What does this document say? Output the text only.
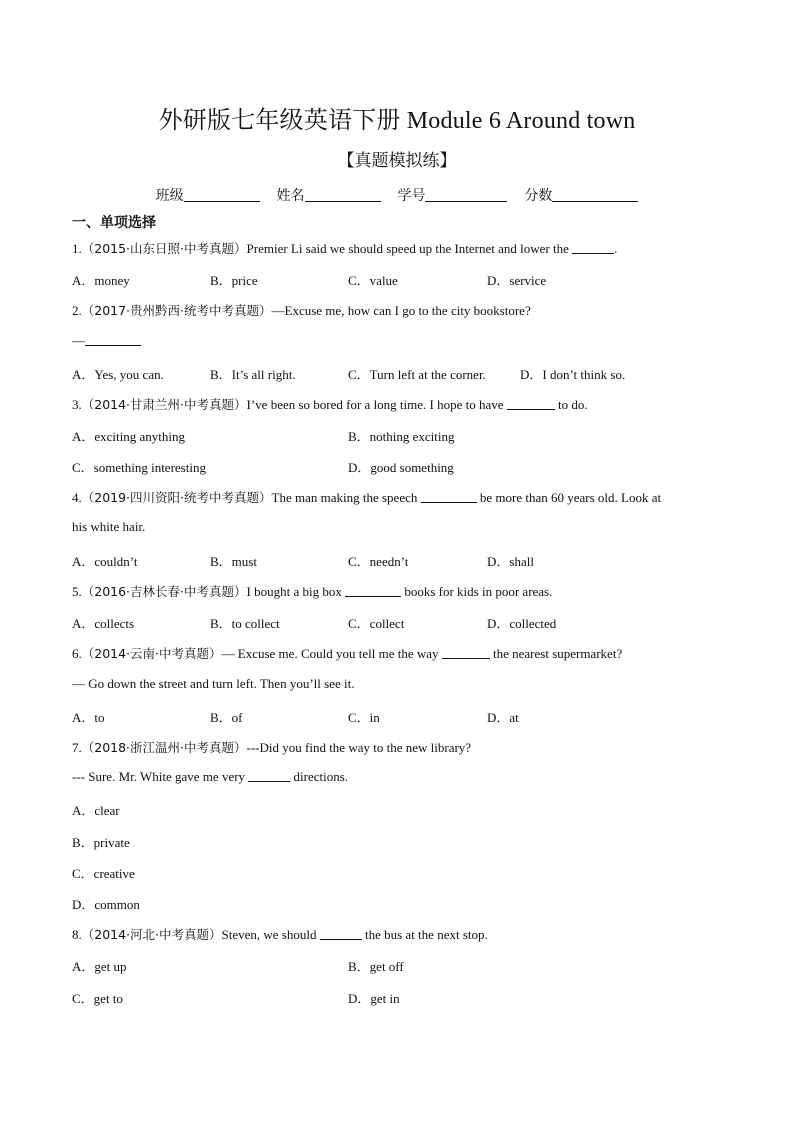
外研版七年级英语下册 Module 6 Around town
【真题模拟练】
班级	姓名	学号	分数
一、单项选择
1.（2015·山东日照·中考真题）Premier Li said we should speed up the Internet and lower the	.
A．money	B．price	C．value	D．service
2.（2017·贵州黔西·统考中考真题）—Excuse me, how can I go to the city bookstore?
—
A．Yes, you can.	B．It’s all right.	C．Turn left at the corner.	D．I don’t think so.
3.（2014·甘肃兰州·中考真题）I’ve been so bored for a long time. I hope to have	to do.
A．exciting anything	B．nothing exciting
C．something interesting	D．good something
4.（2019·四川资阳·统考中考真题）The man making the speech	be more than 60 years old. Look at
his white hair.
A．couldn’t	B．must	C．needn’t	D．shall
5.（2016·吉林长春·中考真题）I bought a big box	books for kids in poor areas.
A．collects	B．to collect	C．collect	D．collected
6.（2014·云南·中考真题）— Excuse me. Could you tell me the way	the nearest supermarket?
— Go down the street and turn left. Then you’ll see it.
A．to	B．of	C．in	D．at
7.（2018·浙江温州·中考真题）---Did you find the way to the new library?
--- Sure. Mr. White gave me very	directions.
A．clear
B．private
C．creative
D．common
8.（2014·河北·中考真题）Steven, we should	the bus at the next stop.
A．get up	B．get off
C．get to	D．get in
